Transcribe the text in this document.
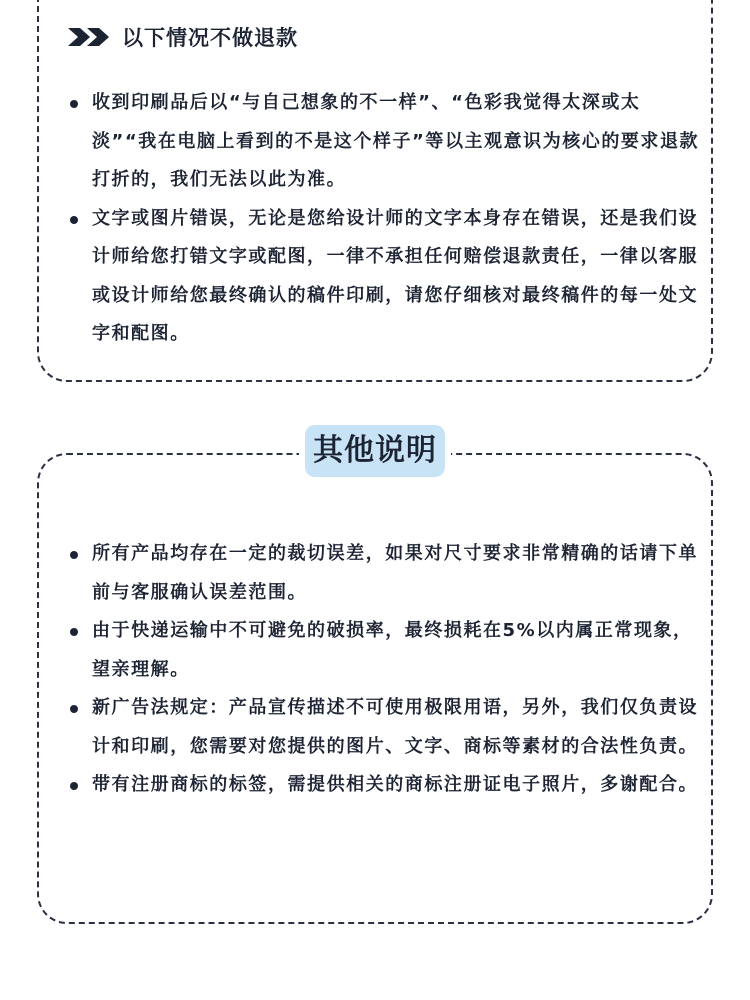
以下情况不做退款
收到印刷品后以“与自己想象的不一样”、“色彩我觉得太深或太淡”“我在电脑上看到的不是这个样子”等以主观意识为核心的要求退款打折的，我们无法以此为准。
文字或图片错误，无论是您给设计师的文字本身存在错误，还是我们设计师给您打错文字或配图，一律不承担任何赔偿退款责任，一律以客服或设计师给您最终确认的稿件印刷，请您仔细核对最终稿件的每一处文字和配图。
其他说明
所有产品均存在一定的裁切误差，如果对尺寸要求非常精确的话请下单前与客服确认误差范围。
由于快递运输中不可避免的破损率，最终损耗在5%以内属正常现象，望亲理解。
新广告法规定：产品宣传描述不可使用极限用语，另外，我们仅负责设计和印刷，您需要对您提供的图片、文字、商标等素材的合法性负责。
带有注册商标的标签，需提供相关的商标注册证电子照片，多谢配合。
